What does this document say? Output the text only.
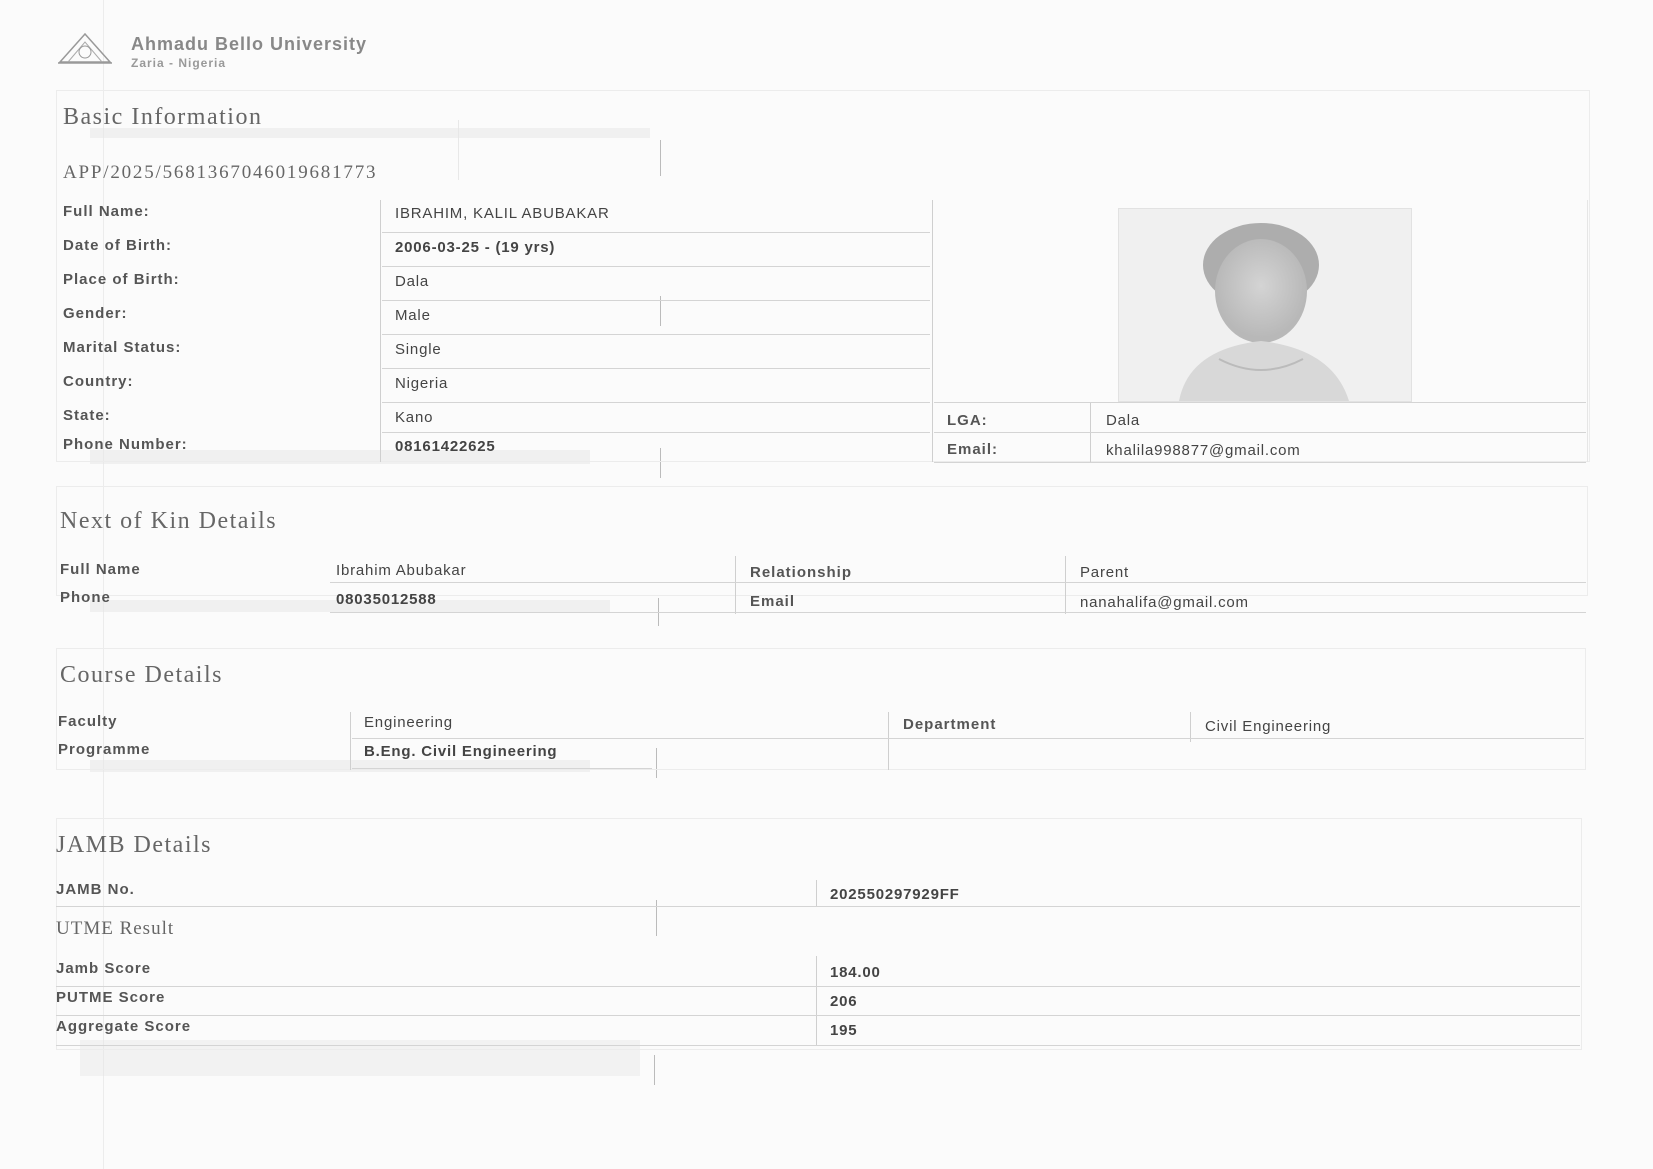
Ahmadu Bello University
Zaria - Nigeria
Basic Information
APP/2025/5681367046019681773
Full Name:	IBRAHIM, KALIL ABUBAKAR
Date of Birth:	2006-03-25 - (19 yrs)
Place of Birth:	Dala
Gender:	Male
Marital Status:	Single
Country:	Nigeria
State:	Kano
Phone Number:	08161422625
LGA:	Dala
Email:	khalila998877@gmail.com
Next of Kin Details
Full Name	Ibrahim Abubakar
Phone	08035012588
Relationship	Parent
Email	nanahalifa@gmail.com
Course Details
Faculty	Engineering
Programme	B.Eng. Civil Engineering
Department	Civil Engineering
JAMB Details
JAMB No.	202550297929FF
UTME Result
Jamb Score	184.00
PUTME Score	206
Aggregate Score	195
